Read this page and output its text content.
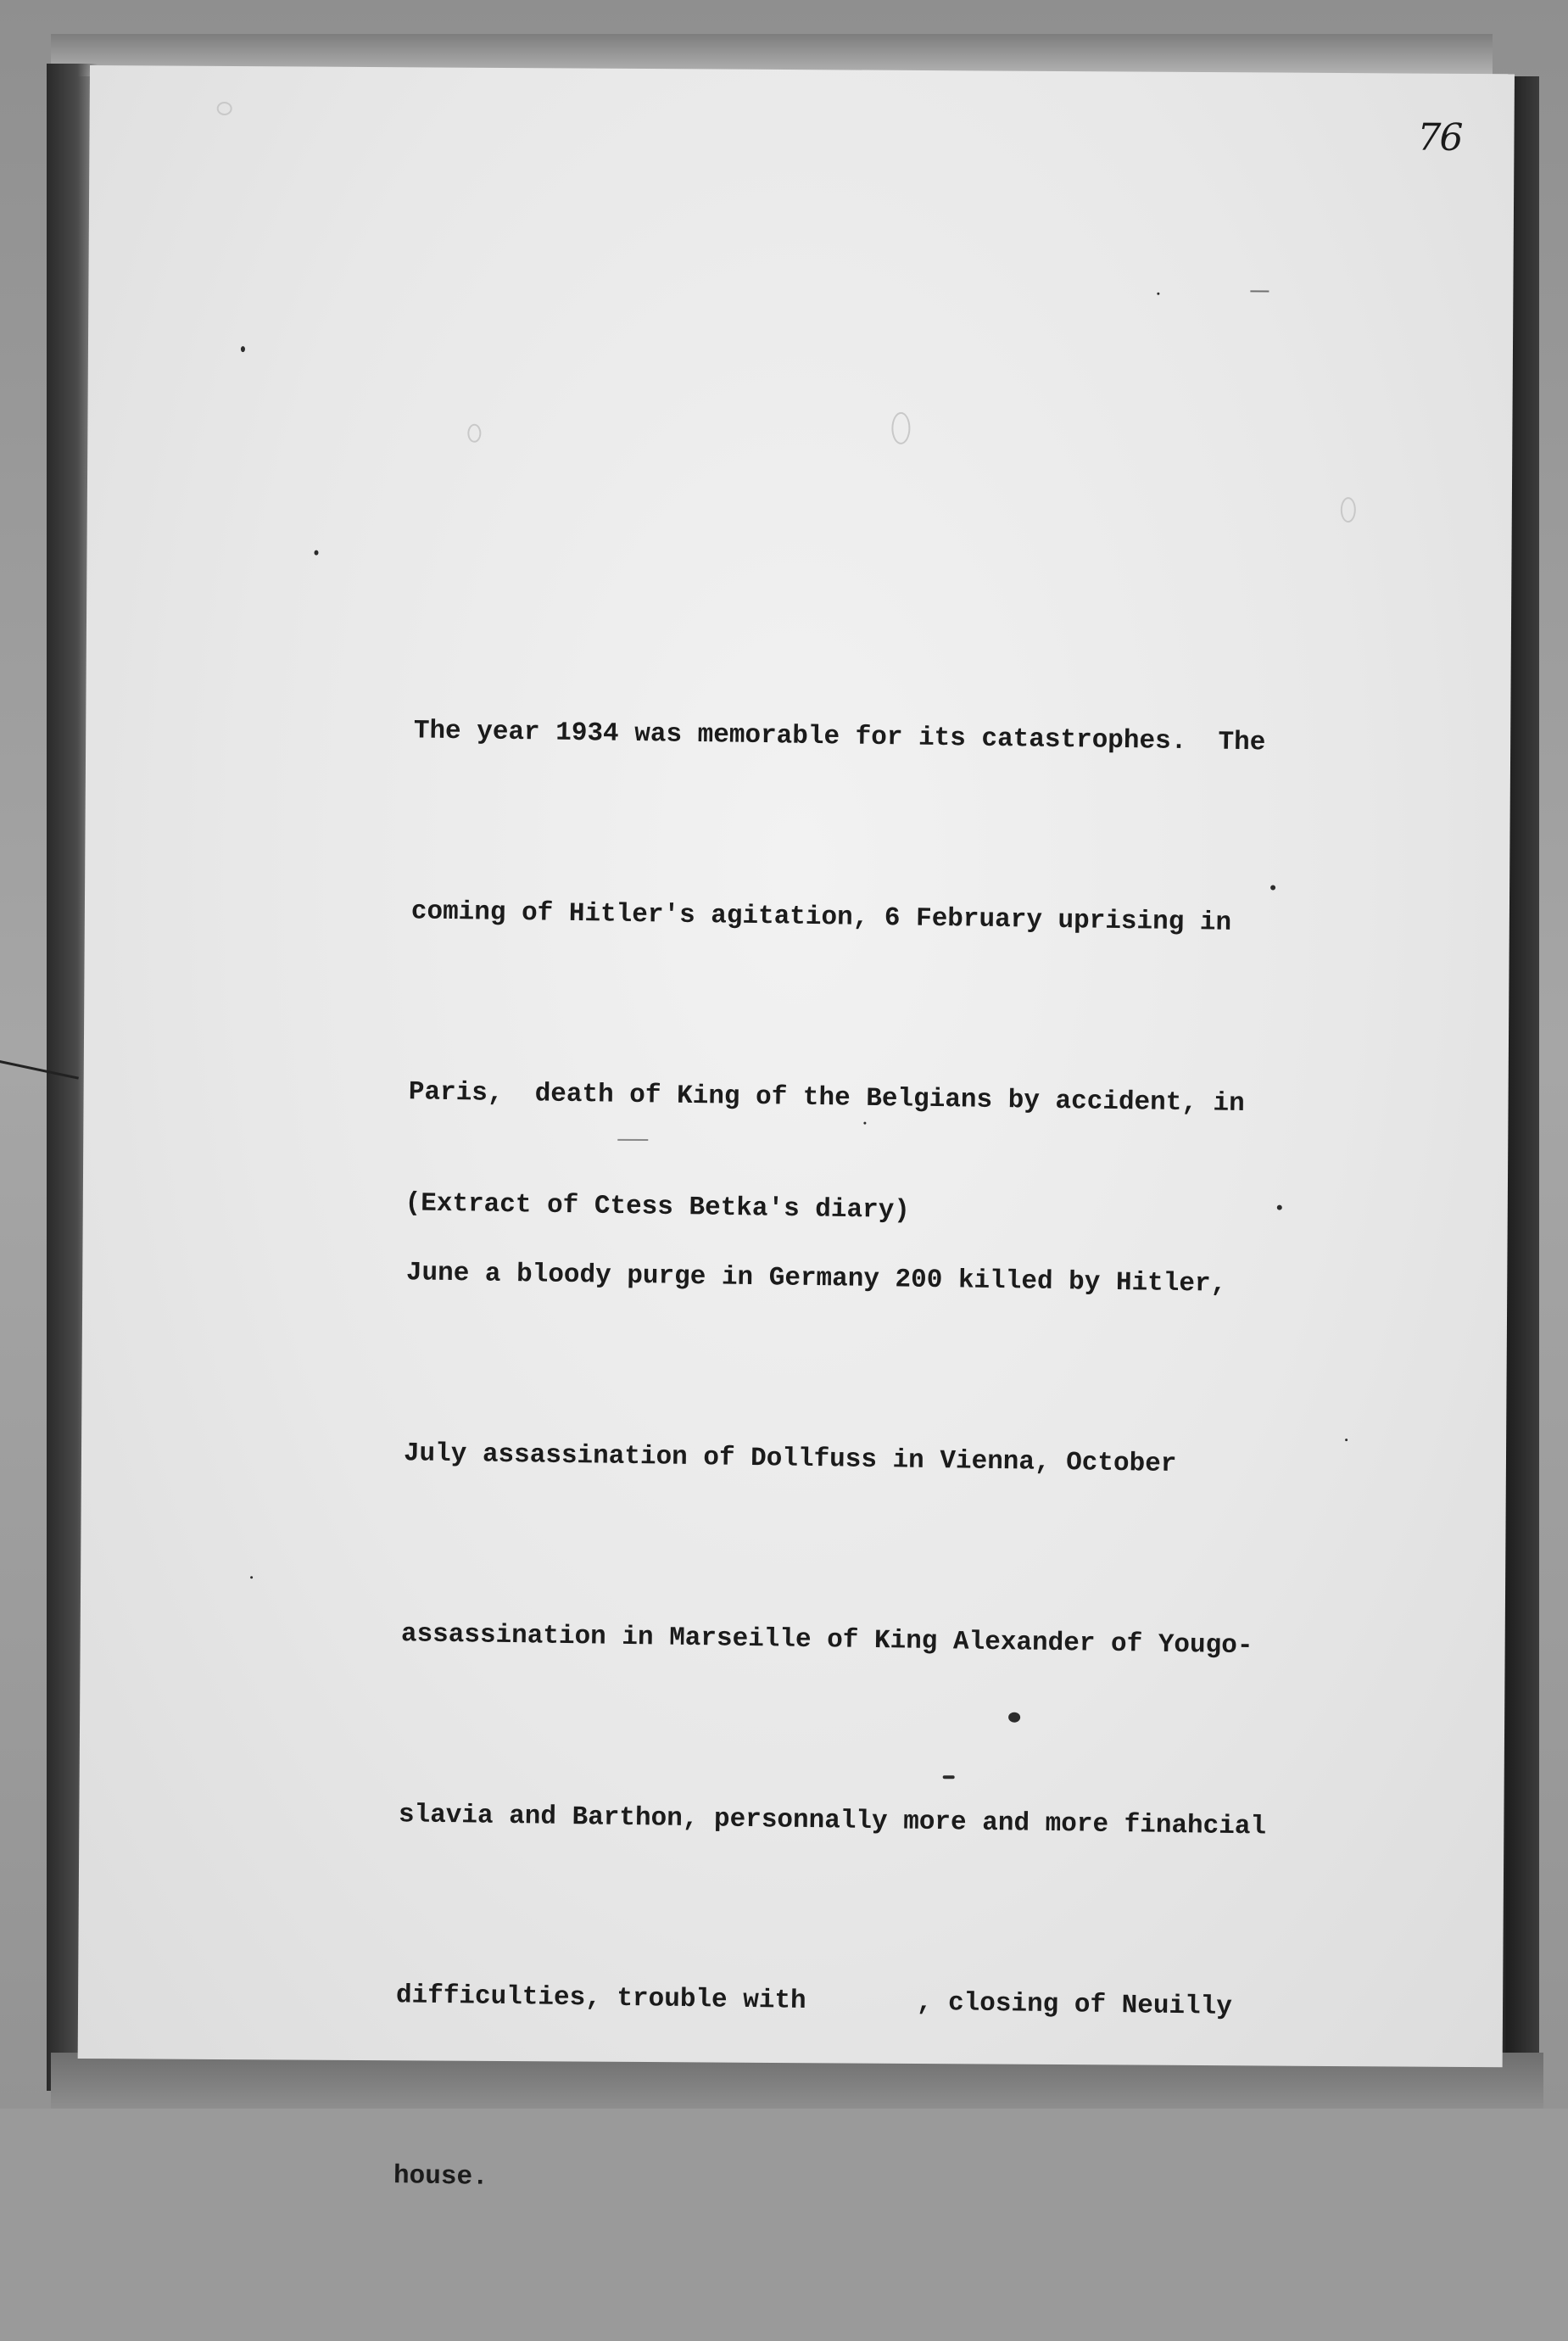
76

The year 1934 was memorable for its catastrophes.  The

coming of Hitler's agitation, 6 February uprising in

Paris,  death of King of the Belgians by accident, in

June a bloody purge in Germany 200 killed by Hitler,

July assassination of Dollfuss in Vienna, October

assassination in Marseille of King Alexander of Yougo-

slavia and Barthon, personnally more and more finahcial

difficulties, trouble with       , closing of Neuilly

house.

(Extract of Ctess Betka's diary)
